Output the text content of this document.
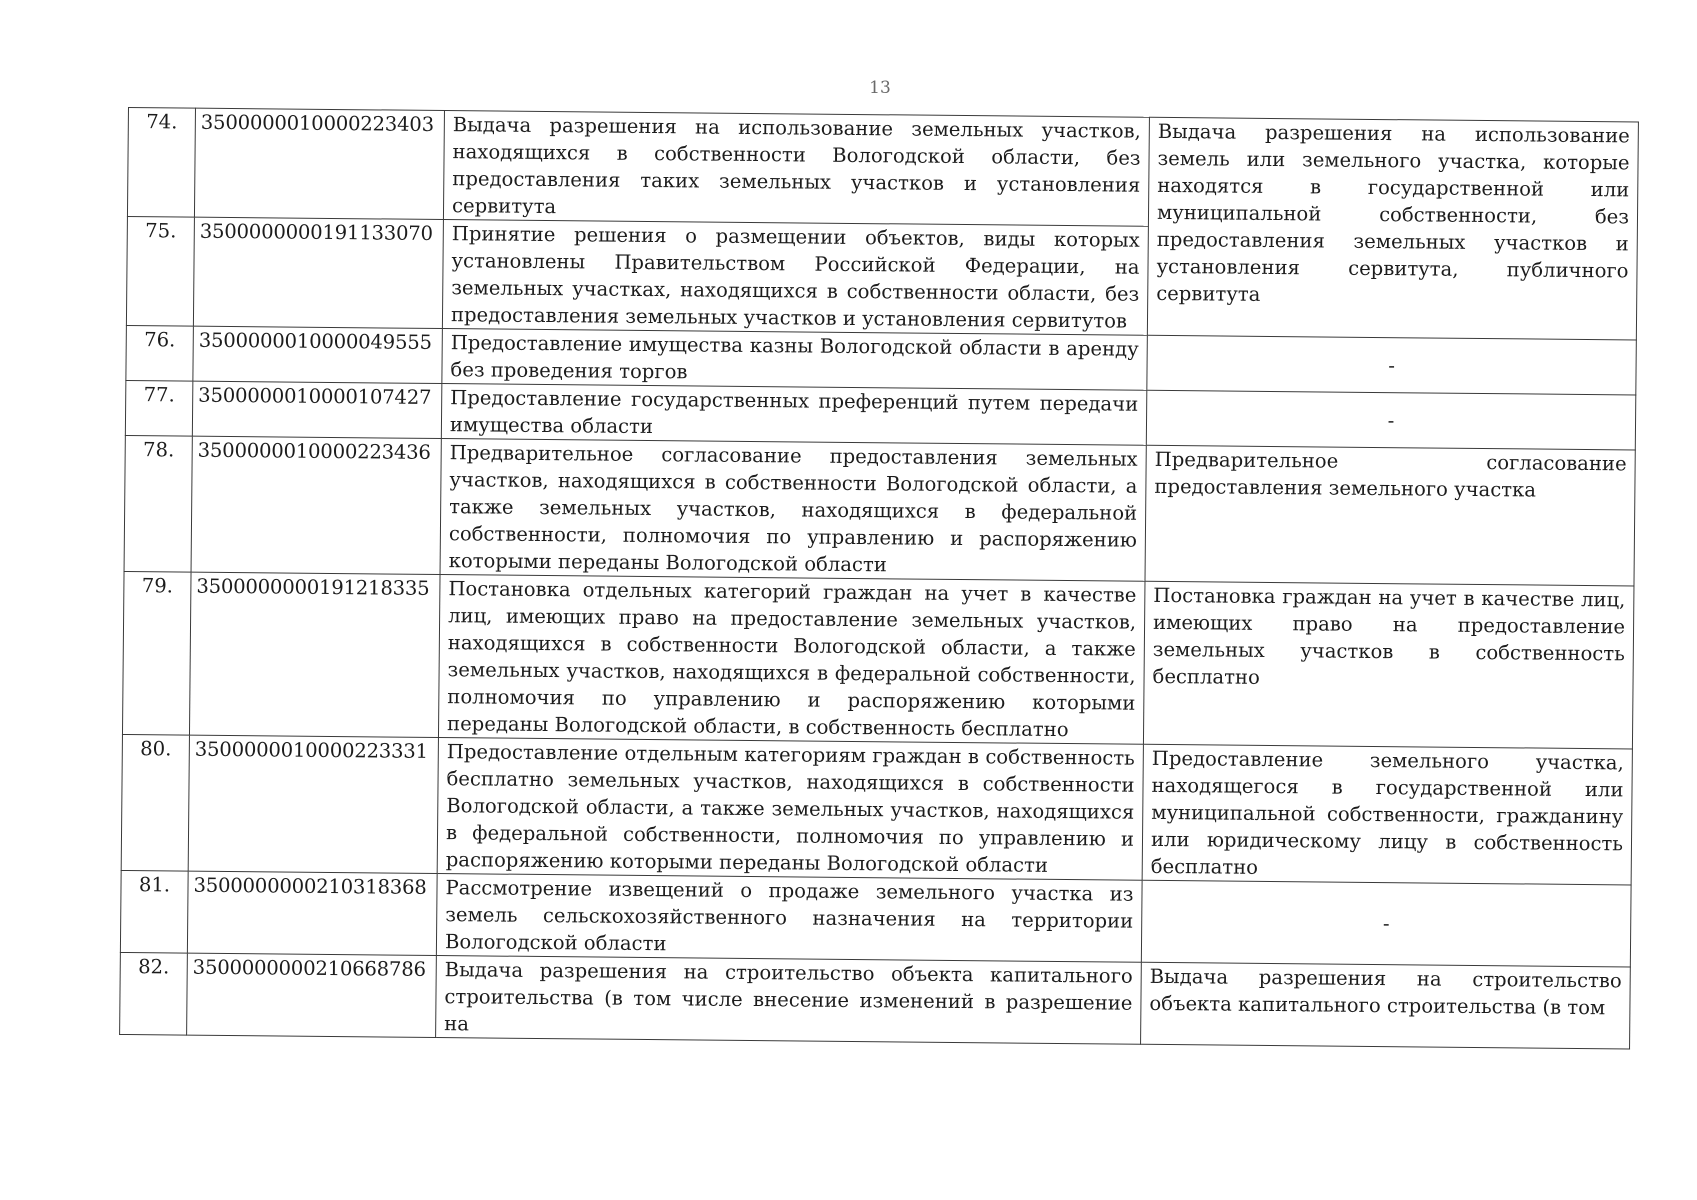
13
74.	3500000010000223403	Выдача разрешения на использование земельных участков, находящихся в собственности Вологодской области, без предоставления таких земельных участков и установления сервитута	Выдача разрешения на использование земель или земельного участка, которые находятся в государственной или муниципальной собственности, без предоставления земельных участков и установления сервитута, публичного сервитута
75.	3500000000191133070	Принятие решения о размещении объектов, виды которых установлены Правительством Российской Федерации, на земельных участках, находящихся в собственности области, без предоставления земельных участков и установления сервитутов	
76.	3500000010000049555	Предоставление имущества казны Вологодской области в аренду без проведения торгов	-
77.	3500000010000107427	Предоставление государственных преференций путем передачи имущества области	-
78.	3500000010000223436	Предварительное согласование предоставления земельных участков, находящихся в собственности Вологодской области, а также земельных участков, находящихся в федеральной собственности, полномочия по управлению и распоряжению которыми переданы Вологодской области	Предварительное согласование предоставления земельного участка
79.	3500000000191218335	Постановка отдельных категорий граждан на учет в качестве лиц, имеющих право на предоставление земельных участков, находящихся в собственности Вологодской области, а также земельных участков, находящихся в федеральной собственности, полномочия по управлению и распоряжению которыми переданы Вологодской области, в собственность бесплатно	Постановка граждан на учет в качестве лиц, имеющих право на предоставление земельных участков в собственность бесплатно
80.	3500000010000223331	Предоставление отдельным категориям граждан в собственность бесплатно земельных участков, находящихся в собственности Вологодской области, а также земельных участков, находящихся в федеральной собственности, полномочия по управлению и распоряжению которыми переданы Вологодской области	Предоставление земельного участка, находящегося в государственной или муниципальной собственности, гражданину или юридическому лицу в собственность бесплатно
81.	3500000000210318368	Рассмотрение извещений о продаже земельного участка из земель сельскохозяйственного назначения на территории Вологодской области	-
82.	3500000000210668786	Выдача разрешения на строительство объекта капитального строительства (в том числе внесение изменений в разрешение на	Выдача разрешения на строительство объекта капитального строительства (в том
